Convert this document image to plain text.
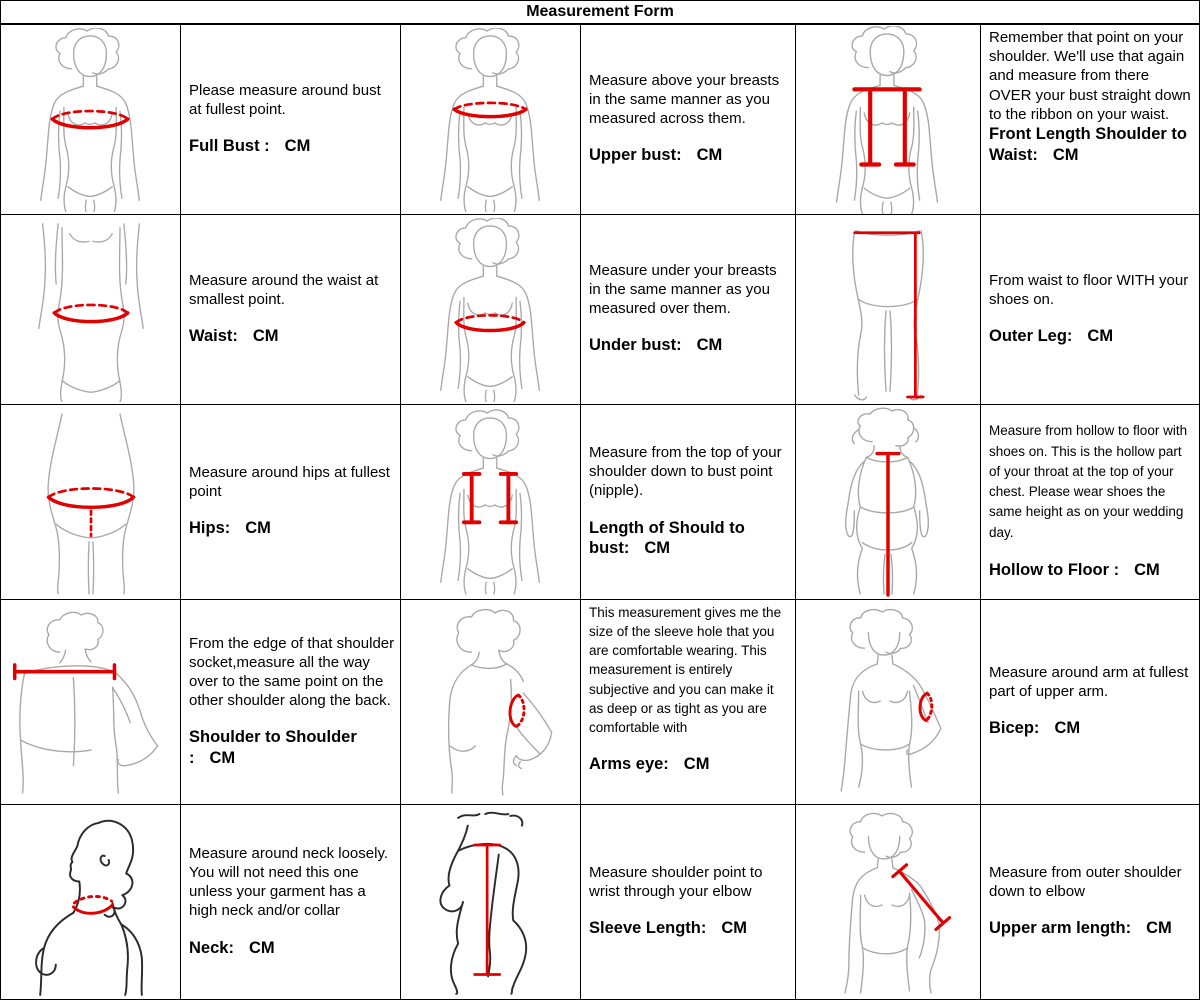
Measurement Form

Please measure around bust at fullest point.

Full Bust : CM

Measure above your breasts in the same manner as you measured across them.

Upper bust: CM

Remember that point on your shoulder. We'll use that again and measure from there OVER your bust straight down to the ribbon on your waist.

Front Length Shoulder to Waist: CM

Measure around the waist at smallest point.

Waist: CM

Measure under your breasts in the same manner as you measured over them.

Under bust: CM

From waist to floor WITH your shoes on.

Outer Leg: CM

Measure around hips at fullest point

Hips: CM

Measure from the top of your shoulder down to bust point (nipple).

Length of Should to bust: CM

Measure from hollow to floor with shoes on. This is the hollow part of your throat at the top of your chest. Please wear shoes the same height as on your wedding day.

Hollow to Floor : CM

From the edge of that shoulder socket,measure all the way over to the same point on the other shoulder along the back.

Shoulder to Shoulder : CM

This measurement gives me the size of the sleeve hole that you are comfortable wearing. This measurement is entirely subjective and you can make it as deep or as tight as you are comfortable with

Arms eye: CM

Measure around arm at fullest part of upper arm.

Bicep: CM

Measure around neck loosely. You will not need this one unless your garment has a high neck and/or collar

Neck: CM

Measure shoulder point to wrist through your elbow

Sleeve Length: CM

Measure from outer shoulder down to elbow

Upper arm length: CM
